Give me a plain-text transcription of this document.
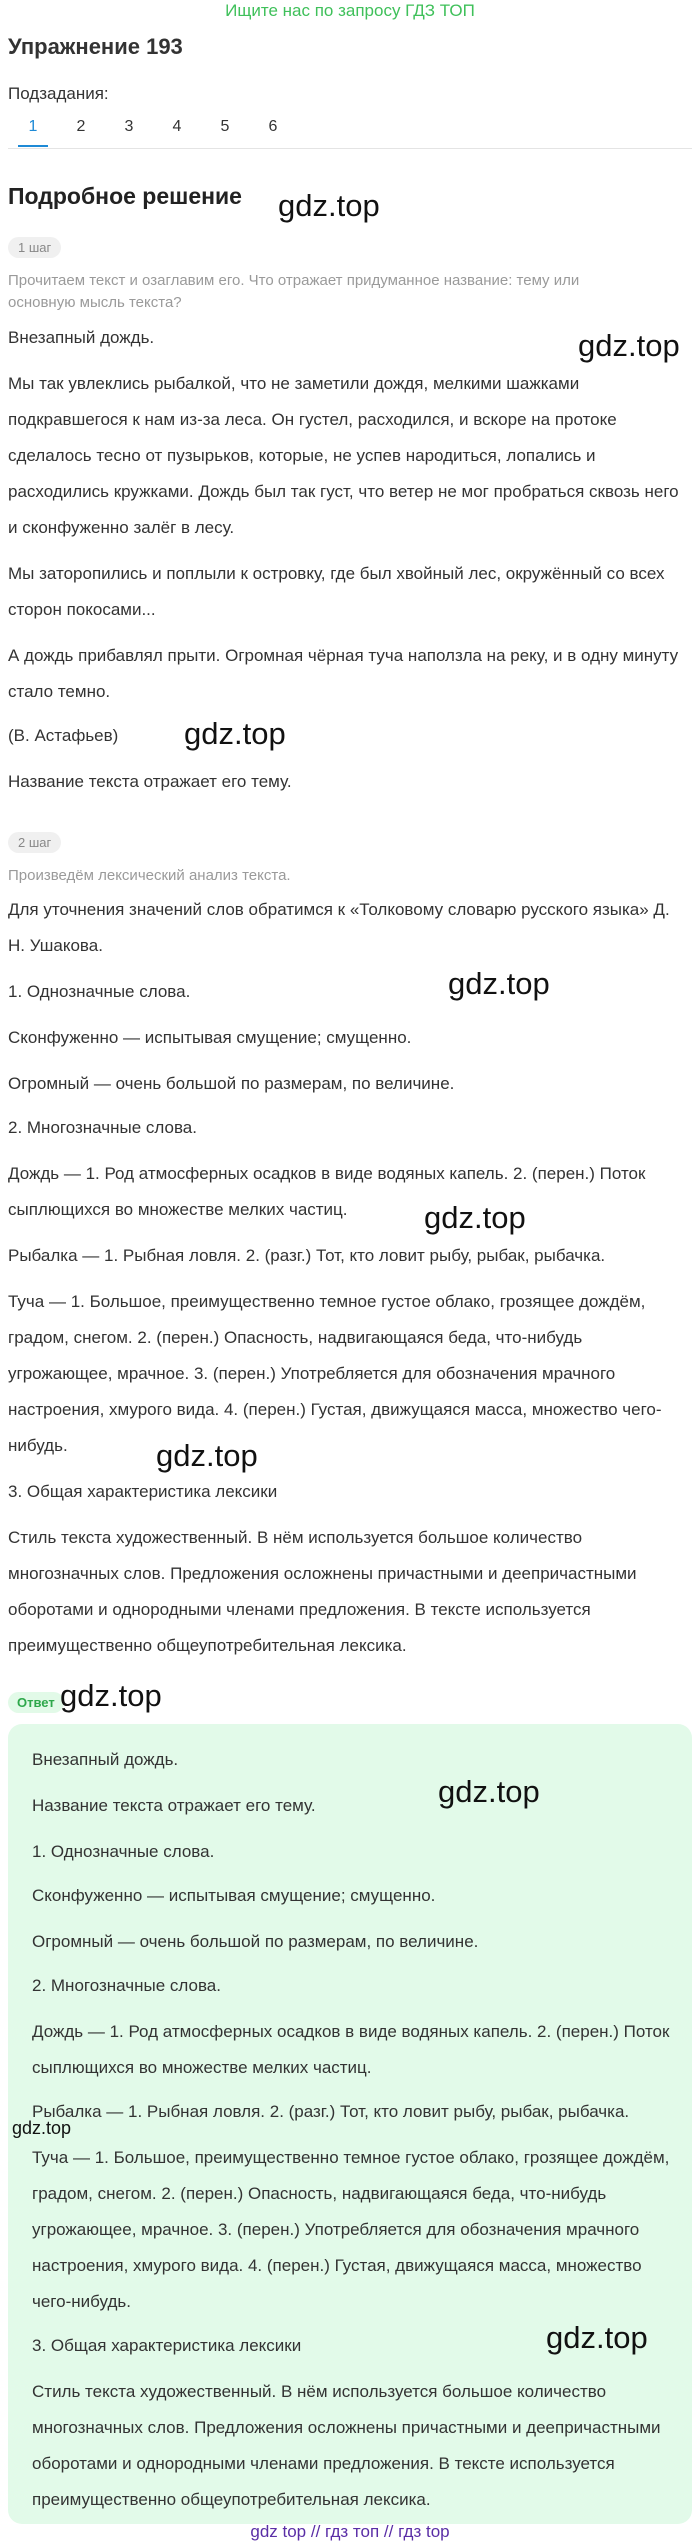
Ищите нас по запросу ГДЗ ТОП
Упражнение 193
Подзадания:
1	2	3	4	5	6
Подробное решение gdz.top
1 шаг
Прочитаем текст и озаглавим его. Что отражает придуманное название: тему или основную мысль текста?
Внезапный дождь.	gdz.top
Мы так увлеклись рыбалкой, что не заметили дождя, мелкими шажками подкравшегося к нам из-за леса. Он густел, расходился, и вскоре на протоке сделалось тесно от пузырьков, которые, не успев народиться, лопались и расходились кружками. Дождь был так густ, что ветер не мог пробраться сквозь него и сконфуженно залёг в лесу.
Мы заторопились и поплыли к островку, где был хвойный лес, окружённый со всех сторон покосами...
А дождь прибавлял прыти. Огромная чёрная туча наползла на реку, и в одну минуту стало темно.
(В. Астафьев)	gdz.top
Название текста отражает его тему.
2 шаг
Произведём лексический анализ текста.
Для уточнения значений слов обратимся к «Толковому словарю русского языка» Д. Н. Ушакова.
1. Однозначные слова.	gdz.top
Сконфуженно — испытывая смущение; смущенно.
Огромный — очень большой по размерам, по величине.
2. Многозначные слова.
Дождь — 1. Род атмосферных осадков в виде водяных капель. 2. (перен.) Поток сыплющихся во множестве мелких частиц.	gdz.top
Рыбалка — 1. Рыбная ловля. 2. (разг.) Тот, кто ловит рыбу, рыбак, рыбачка.
Туча — 1. Большое, преимущественно темное густое облако, грозящее дождём, градом, снегом. 2. (перен.) Опасность, надвигающаяся беда, что-нибудь угрожающее, мрачное. 3. (перен.) Употребляется для обозначения мрачного настроения, хмурого вида. 4. (перен.) Густая, движущаяся масса, множество чего-нибудь.	gdz.top
3. Общая характеристика лексики
Стиль текста художественный. В нём используется большое количество многозначных слов. Предложения осложнены причастными и деепричастными оборотами и однородными членами предложения. В тексте используется преимущественно общеупотребительная лексика.
Ответ gdz.top
Внезапный дождь.
Название текста отражает его тему.	gdz.top
1. Однозначные слова.
Сконфуженно — испытывая смущение; смущенно.
Огромный — очень большой по размерам, по величине.
2. Многозначные слова.
Дождь — 1. Род атмосферных осадков в виде водяных капель. 2. (перен.) Поток сыплющихся во множестве мелких частиц.
Рыбалка — 1. Рыбная ловля. 2. (разг.) Тот, кто ловит рыбу, рыбак, рыбачка.
gdz.top
Туча — 1. Большое, преимущественно темное густое облако, грозящее дождём, градом, снегом. 2. (перен.) Опасность, надвигающаяся беда, что-нибудь угрожающее, мрачное. 3. (перен.) Употребляется для обозначения мрачного настроения, хмурого вида. 4. (перен.) Густая, движущаяся масса, множество чего-нибудь.
3. Общая характеристика лексики	gdz.top
Стиль текста художественный. В нём используется большое количество многозначных слов. Предложения осложнены причастными и деепричастными оборотами и однородными членами предложения. В тексте используется преимущественно общеупотребительная лексика.
gdz top // гдз топ // гдз top
